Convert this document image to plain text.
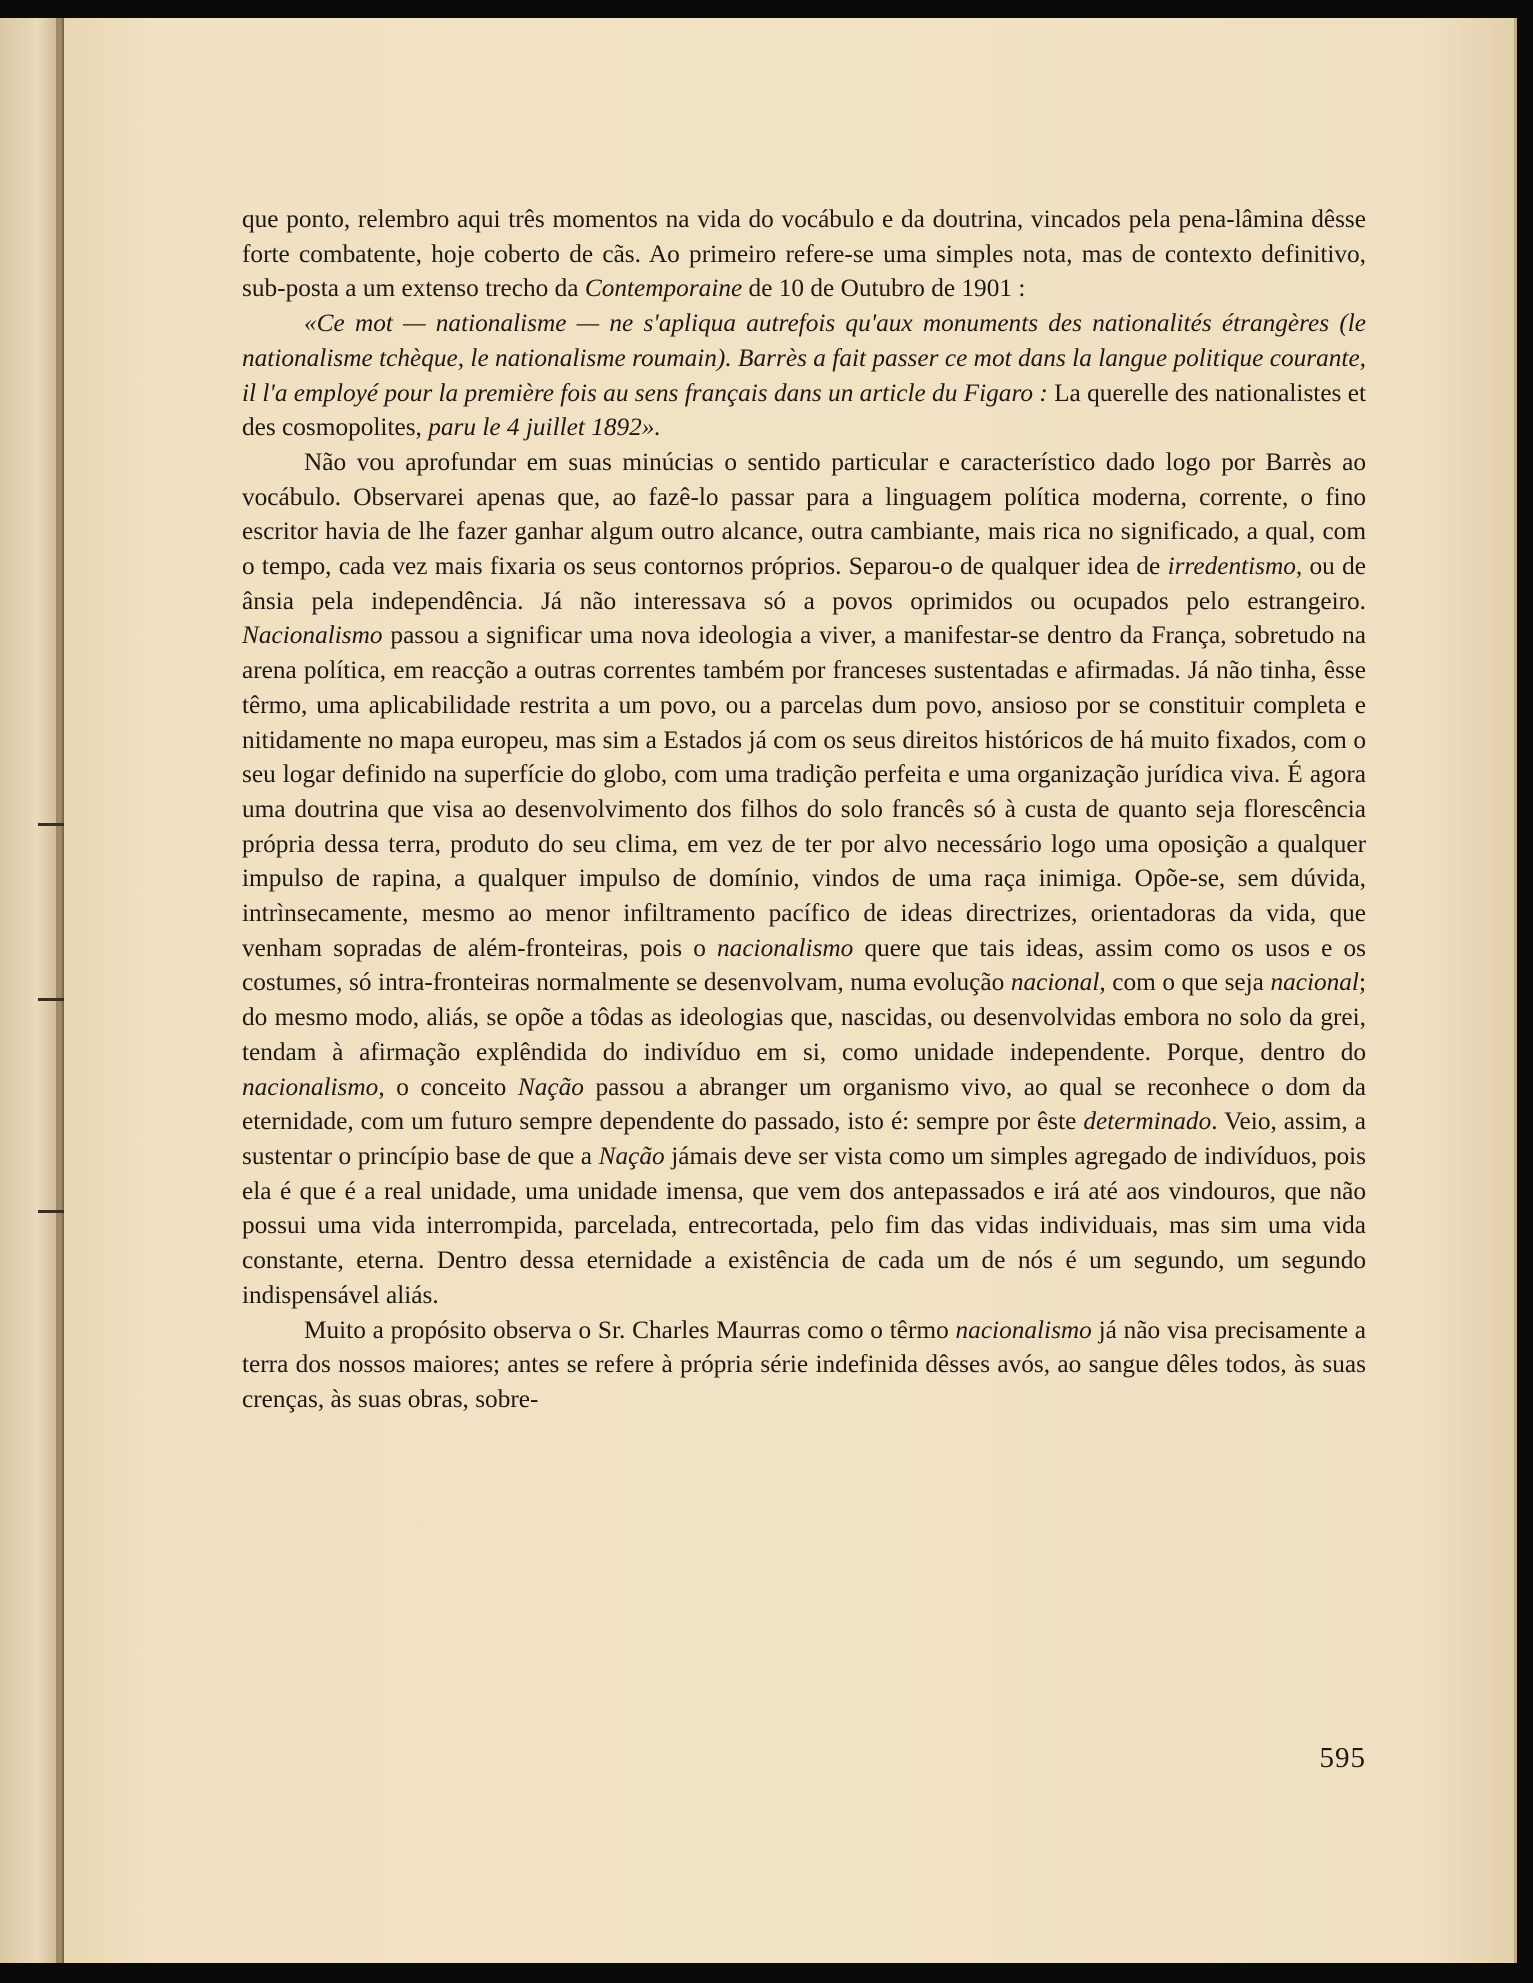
que ponto, relembro aqui três momentos na vida do vocábulo e da doutrina, vincados pela pena-lâmina dêsse forte combatente, hoje coberto de cãs. Ao primeiro refere-se uma simples nota, mas de contexto definitivo, sub-posta a um extenso trecho da Contemporaine de 10 de Outubro de 1901 :

«Ce mot — nationalisme — ne s'apliqua autrefois qu'aux monuments des nationalités étrangères (le nationalisme tchèque, le nationalisme roumain). Barrès a fait passer ce mot dans la langue politique courante, il l'a employé pour la première fois au sens français dans un article du Figaro : La querelle des nationalistes et des cosmopolites, paru le 4 juillet 1892».

Não vou aprofundar em suas minúcias o sentido particular e característico dado logo por Barrès ao vocábulo. Observarei apenas que, ao fazê-lo passar para a linguagem política moderna, corrente, o fino escritor havia de lhe fazer ganhar algum outro alcance, outra cambiante, mais rica no significado, a qual, com o tempo, cada vez mais fixaria os seus contornos próprios. Separou-o de qualquer idea de irredentismo, ou de ânsia pela independência. Já não interessava só a povos oprimidos ou ocupados pelo estrangeiro. Nacionalismo passou a significar uma nova ideologia a viver, a manifestar-se dentro da França, sobretudo na arena política, em reacção a outras correntes também por franceses sustentadas e afirmadas. Já não tinha, êsse têrmo, uma aplicabilidade restrita a um povo, ou a parcelas dum povo, ansioso por se constituir completa e nitidamente no mapa europeu, mas sim a Estados já com os seus direitos históricos de há muito fixados, com o seu logar definido na superfície do globo, com uma tradição perfeita e uma organização jurídica viva. É agora uma doutrina que visa ao desenvolvimento dos filhos do solo francês só à custa de quanto seja florescência própria dessa terra, produto do seu clima, em vez de ter por alvo necessário logo uma oposição a qualquer impulso de rapina, a qualquer impulso de domínio, vindos de uma raça inimiga. Opõe-se, sem dúvida, intrìnsecamente, mesmo ao menor infiltramento pacífico de ideas directrizes, orientadoras da vida, que venham sopradas de além-fronteiras, pois o nacionalismo quere que tais ideas, assim como os usos e os costumes, só intra-fronteiras normalmente se desenvolvam, numa evolução nacional, com o que seja nacional; do mesmo modo, aliás, se opõe a tôdas as ideologias que, nascidas, ou desenvolvidas embora no solo da grei, tendam à afirmação explêndida do indivíduo em si, como unidade independente. Porque, dentro do nacionalismo, o conceito Nação passou a abranger um organismo vivo, ao qual se reconhece o dom da eternidade, com um futuro sempre dependente do passado, isto é: sempre por êste determinado. Veio, assim, a sustentar o princípio base de que a Nação jámais deve ser vista como um simples agregado de indivíduos, pois ela é que é a real unidade, uma unidade imensa, que vem dos antepassados e irá até aos vindouros, que não possui uma vida interrompida, parcelada, entrecortada, pelo fim das vidas individuais, mas sim uma vida constante, eterna. Dentro dessa eternidade a existência de cada um de nós é um segundo, um segundo indispensável aliás.

Muito a propósito observa o Sr. Charles Maurras como o têrmo nacionalismo já não visa precisamente a terra dos nossos maiores; antes se refere à própria série indefinida dêsses avós, ao sangue dêles todos, às suas crenças, às suas obras, sobre-

595
